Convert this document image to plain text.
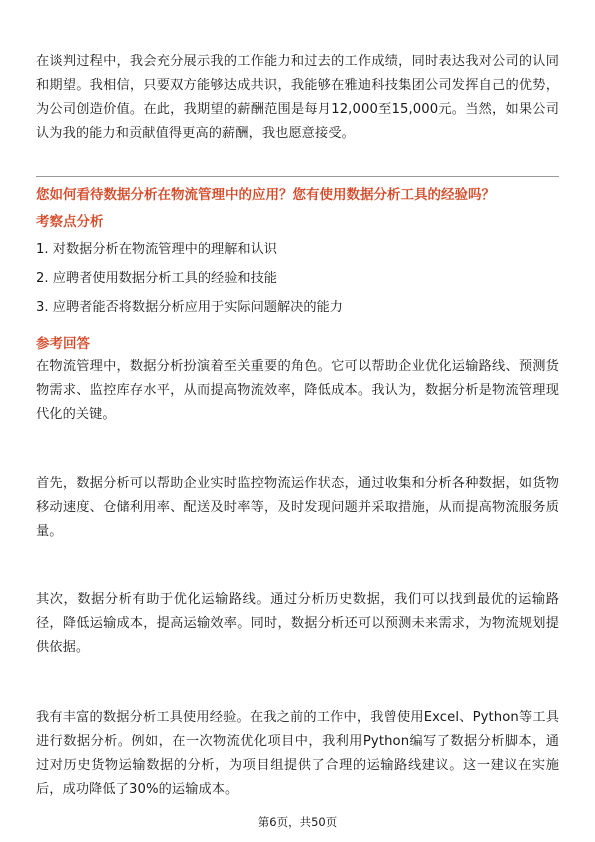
在谈判过程中，我会充分展示我的工作能力和过去的工作成绩，同时表达我对公司的认同和期望。我相信，只要双方能够达成共识，我能够在雅迪科技集团公司发挥自己的优势，为公司创造价值。在此，我期望的薪酬范围是每月12,000至15,000元。当然，如果公司认为我的能力和贡献值得更高的薪酬，我也愿意接受。

您如何看待数据分析在物流管理中的应用？您有使用数据分析工具的经验吗？

考察点分析

1. 对数据分析在物流管理中的理解和认识

2. 应聘者使用数据分析工具的经验和技能

3. 应聘者能否将数据分析应用于实际问题解决的能力

参考回答

在物流管理中，数据分析扮演着至关重要的角色。它可以帮助企业优化运输路线、预测货物需求、监控库存水平，从而提高物流效率，降低成本。我认为，数据分析是物流管理现代化的关键。

首先，数据分析可以帮助企业实时监控物流运作状态，通过收集和分析各种数据，如货物移动速度、仓储利用率、配送及时率等，及时发现问题并采取措施，从而提高物流服务质量。

其次，数据分析有助于优化运输路线。通过分析历史数据，我们可以找到最优的运输路径，降低运输成本，提高运输效率。同时，数据分析还可以预测未来需求，为物流规划提供依据。

我有丰富的数据分析工具使用经验。在我之前的工作中，我曾使用Excel、Python等工具进行数据分析。例如，在一次物流优化项目中，我利用Python编写了数据分析脚本，通过对历史货物运输数据的分析，为项目组提供了合理的运输路线建议。这一建议在实施后，成功降低了30%的运输成本。

第6页，共50页
